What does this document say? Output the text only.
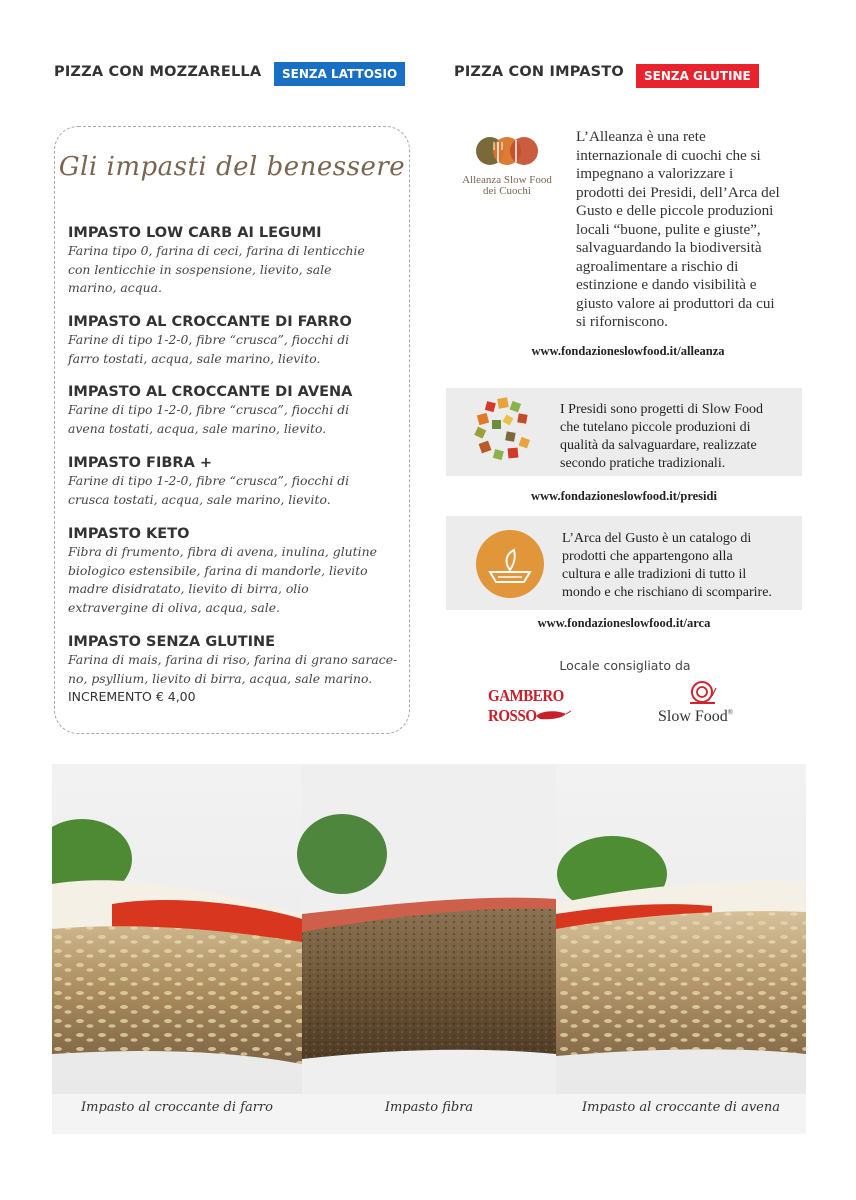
PIZZA CON MOZZARELLA	SENZA LATTOSIO	PIZZA CON IMPASTO	SENZA GLUTINE
Gli impasti del benessere
IMPASTO LOW CARB AI LEGUMI
Farina tipo 0, farina di ceci, farina di lenticchie
con lenticchie in sospensione, lievito, sale
marino, acqua.
IMPASTO AL CROCCANTE DI FARRO
Farine di tipo 1-2-0, fibre “crusca”, fiocchi di
farro tostati, acqua, sale marino, lievito.
IMPASTO AL CROCCANTE DI AVENA
Farine di tipo 1-2-0, fibre “crusca”, fiocchi di
avena tostati, acqua, sale marino, lievito.
IMPASTO FIBRA +
Farine di tipo 1-2-0, fibre “crusca”, fiocchi di
crusca tostati, acqua, sale marino, lievito.
IMPASTO KETO
Fibra di frumento, fibra di avena, inulina, glutine
biologico estensibile, farina di mandorle, lievito
madre disidratato, lievito di birra, olio
extravergine di oliva, acqua, sale.
IMPASTO SENZA GLUTINE
Farina di mais, farina di riso, farina di grano sarace-
no, psyllium, lievito di birra, acqua, sale marino.
INCREMENTO € 4,00
Alleanza Slow Food
dei Cuochi
L’Alleanza è una rete
internazionale di cuochi che si
impegnano a valorizzare i
prodotti dei Presidi, dell’Arca del
Gusto e delle piccole produzioni
locali “buone, pulite e giuste”,
salvaguardando la biodiversità
agroalimentare a rischio di
estinzione e dando visibilità e
giusto valore ai produttori da cui
si riforniscono.
www.fondazioneslowfood.it/alleanza
I Presidi sono progetti di Slow Food
che tutelano piccole produzioni di
qualità da salvaguardare, realizzate
secondo pratiche tradizionali.
www.fondazioneslowfood.it/presidi
L’Arca del Gusto è un catalogo di
prodotti che appartengono alla
cultura e alle tradizioni di tutto il
mondo e che rischiano di scomparire.
www.fondazioneslowfood.it/arca
Locale consigliato da
GAMBERO ROSSO	Slow Food®
Impasto al croccante di farro	Impasto fibra	Impasto al croccante di avena
